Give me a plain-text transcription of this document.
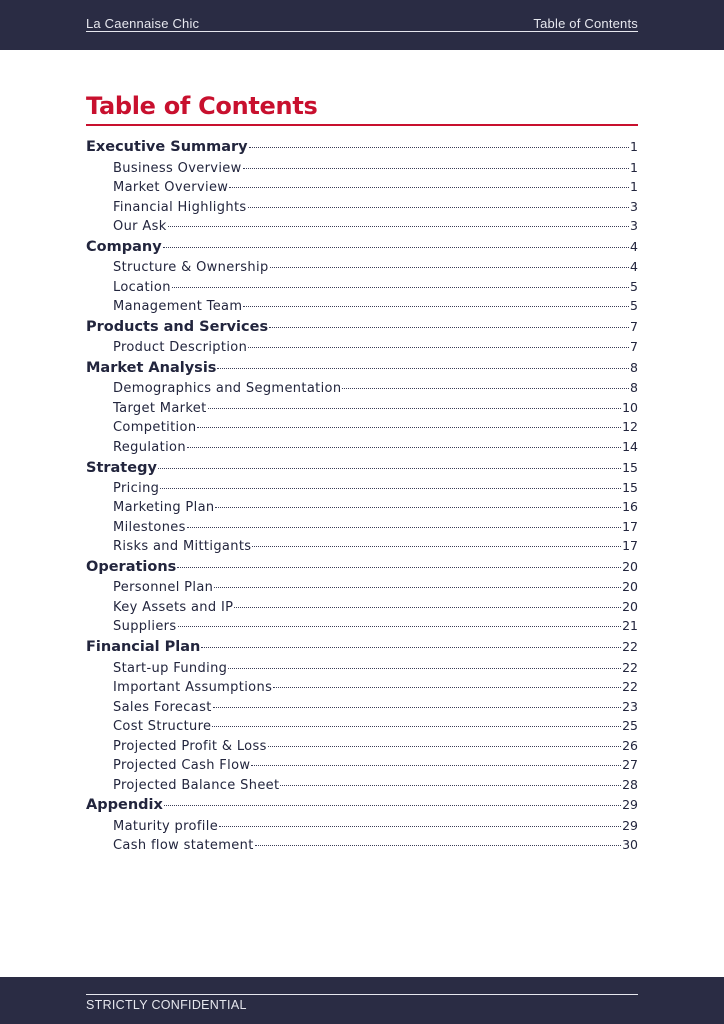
La Caennaise Chic	Table of Contents
Table of Contents
Executive Summary	1
Business Overview	1
Market Overview	1
Financial Highlights	3
Our Ask	3
Company	4
Structure & Ownership	4
Location	5
Management Team	5
Products and Services	7
Product Description	7
Market Analysis	8
Demographics and Segmentation	8
Target Market	10
Competition	12
Regulation	14
Strategy	15
Pricing	15
Marketing Plan	16
Milestones	17
Risks and Mittigants	17
Operations	20
Personnel Plan	20
Key Assets and IP	20
Suppliers	21
Financial Plan	22
Start-up Funding	22
Important Assumptions	22
Sales Forecast	23
Cost Structure	25
Projected Profit & Loss	26
Projected Cash Flow	27
Projected Balance Sheet	28
Appendix	29
Maturity profile	29
Cash flow statement	30
STRICTLY CONFIDENTIAL
